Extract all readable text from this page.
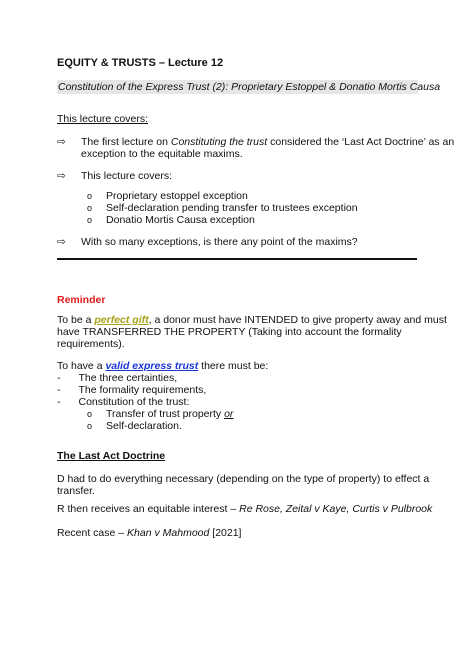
EQUITY & TRUSTS – Lecture 12
Constitution of the Express Trust (2): Proprietary Estoppel & Donatio Mortis Causa
This lecture covers:
⇨ The first lecture on Constituting the trust considered the ‘Last Act Doctrine’ as an
exception to the equitable maxims.
⇨ This lecture covers:
o Proprietary estoppel exception
o Self-declaration pending transfer to trustees exception
o Donatio Mortis Causa exception
⇨ With so many exceptions, is there any point of the maxims?
Reminder
To be a perfect gift, a donor must have INTENDED to give property away and must
have TRANSFERRED THE PROPERTY (Taking into account the formality
requirements).
To have a valid express trust there must be:
- The three certainties,
- The formality requirements,
- Constitution of the trust:
o Transfer of trust property or
o Self-declaration.
The Last Act Doctrine
D had to do everything necessary (depending on the type of property) to effect a
transfer.
R then receives an equitable interest – Re Rose, Zeital v Kaye, Curtis v Pulbrook
Recent case – Khan v Mahmood [2021]
